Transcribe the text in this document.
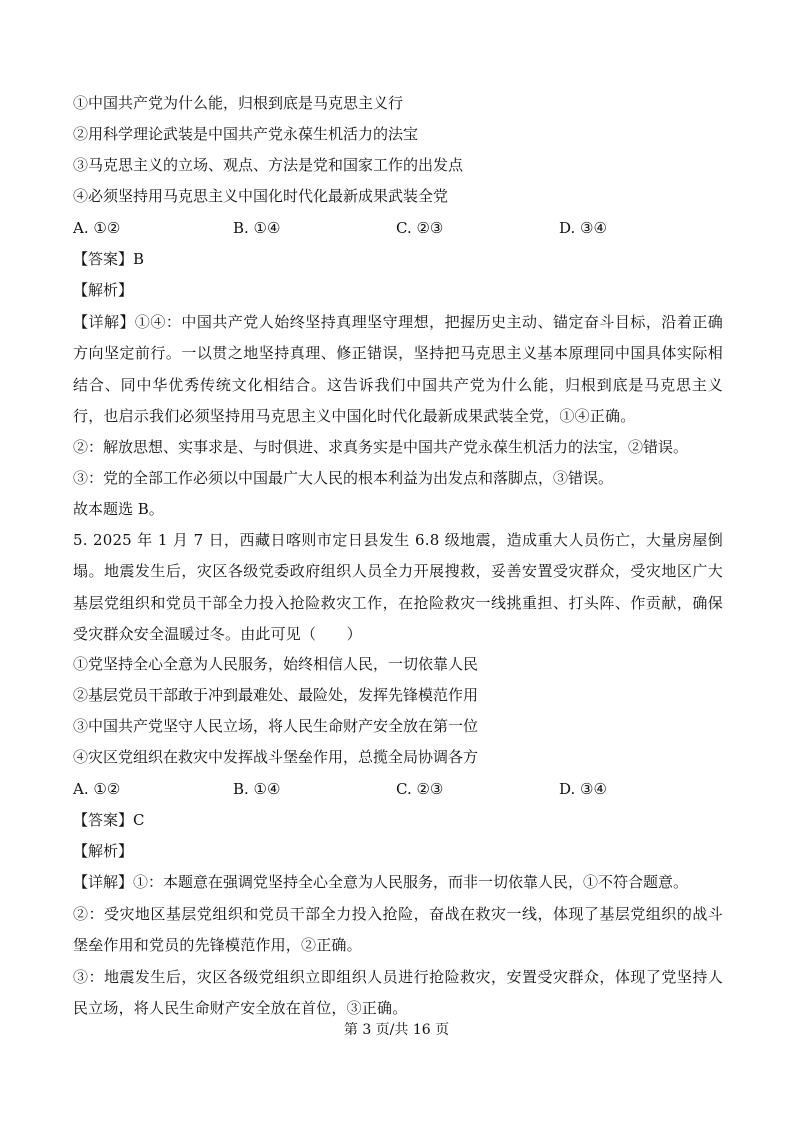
①中国共产党为什么能，归根到底是马克思主义行
②用科学理论武装是中国共产党永葆生机活力的法宝
③马克思主义的立场、观点、方法是党和国家工作的出发点
④必须坚持用马克思主义中国化时代化最新成果武装全党
A. ①②	B. ①④	C. ②③	D. ③④
【答案】B
【解析】
【详解】①④：中国共产党人始终坚持真理坚守理想，把握历史主动、锚定奋斗目标，沿着正确方向坚定前行。一以贯之地坚持真理、修正错误，坚持把马克思主义基本原理同中国具体实际相结合、同中华优秀传统文化相结合。这告诉我们中国共产党为什么能，归根到底是马克思主义行，也启示我们必须坚持用马克思主义中国化时代化最新成果武装全党，①④正确。
②：解放思想、实事求是、与时俱进、求真务实是中国共产党永葆生机活力的法宝，②错误。
③：党的全部工作必须以中国最广大人民的根本利益为出发点和落脚点，③错误。
故本题选 B。
5. 2025 年 1 月 7 日，西藏日喀则市定日县发生 6.8 级地震，造成重大人员伤亡，大量房屋倒塌。地震发生后，灾区各级党委政府组织人员全力开展搜救，妥善安置受灾群众，受灾地区广大基层党组织和党员干部全力投入抢险救灾工作，在抢险救灾一线挑重担、打头阵、作贡献，确保受灾群众安全温暖过冬。由此可见（　　）
①党坚持全心全意为人民服务，始终相信人民，一切依靠人民
②基层党员干部敢于冲到最难处、最险处，发挥先锋模范作用
③中国共产党坚守人民立场，将人民生命财产安全放在第一位
④灾区党组织在救灾中发挥战斗堡垒作用，总揽全局协调各方
A. ①②	B. ①④	C. ②③	D. ③④
【答案】C
【解析】
【详解】①：本题意在强调党坚持全心全意为人民服务，而非一切依靠人民，①不符合题意。
②：受灾地区基层党组织和党员干部全力投入抢险，奋战在救灾一线，体现了基层党组织的战斗堡垒作用和党员的先锋模范作用，②正确。
③：地震发生后，灾区各级党组织立即组织人员进行抢险救灾，安置受灾群众，体现了党坚持人民立场，将人民生命财产安全放在首位，③正确。
第 3 页/共 16 页
